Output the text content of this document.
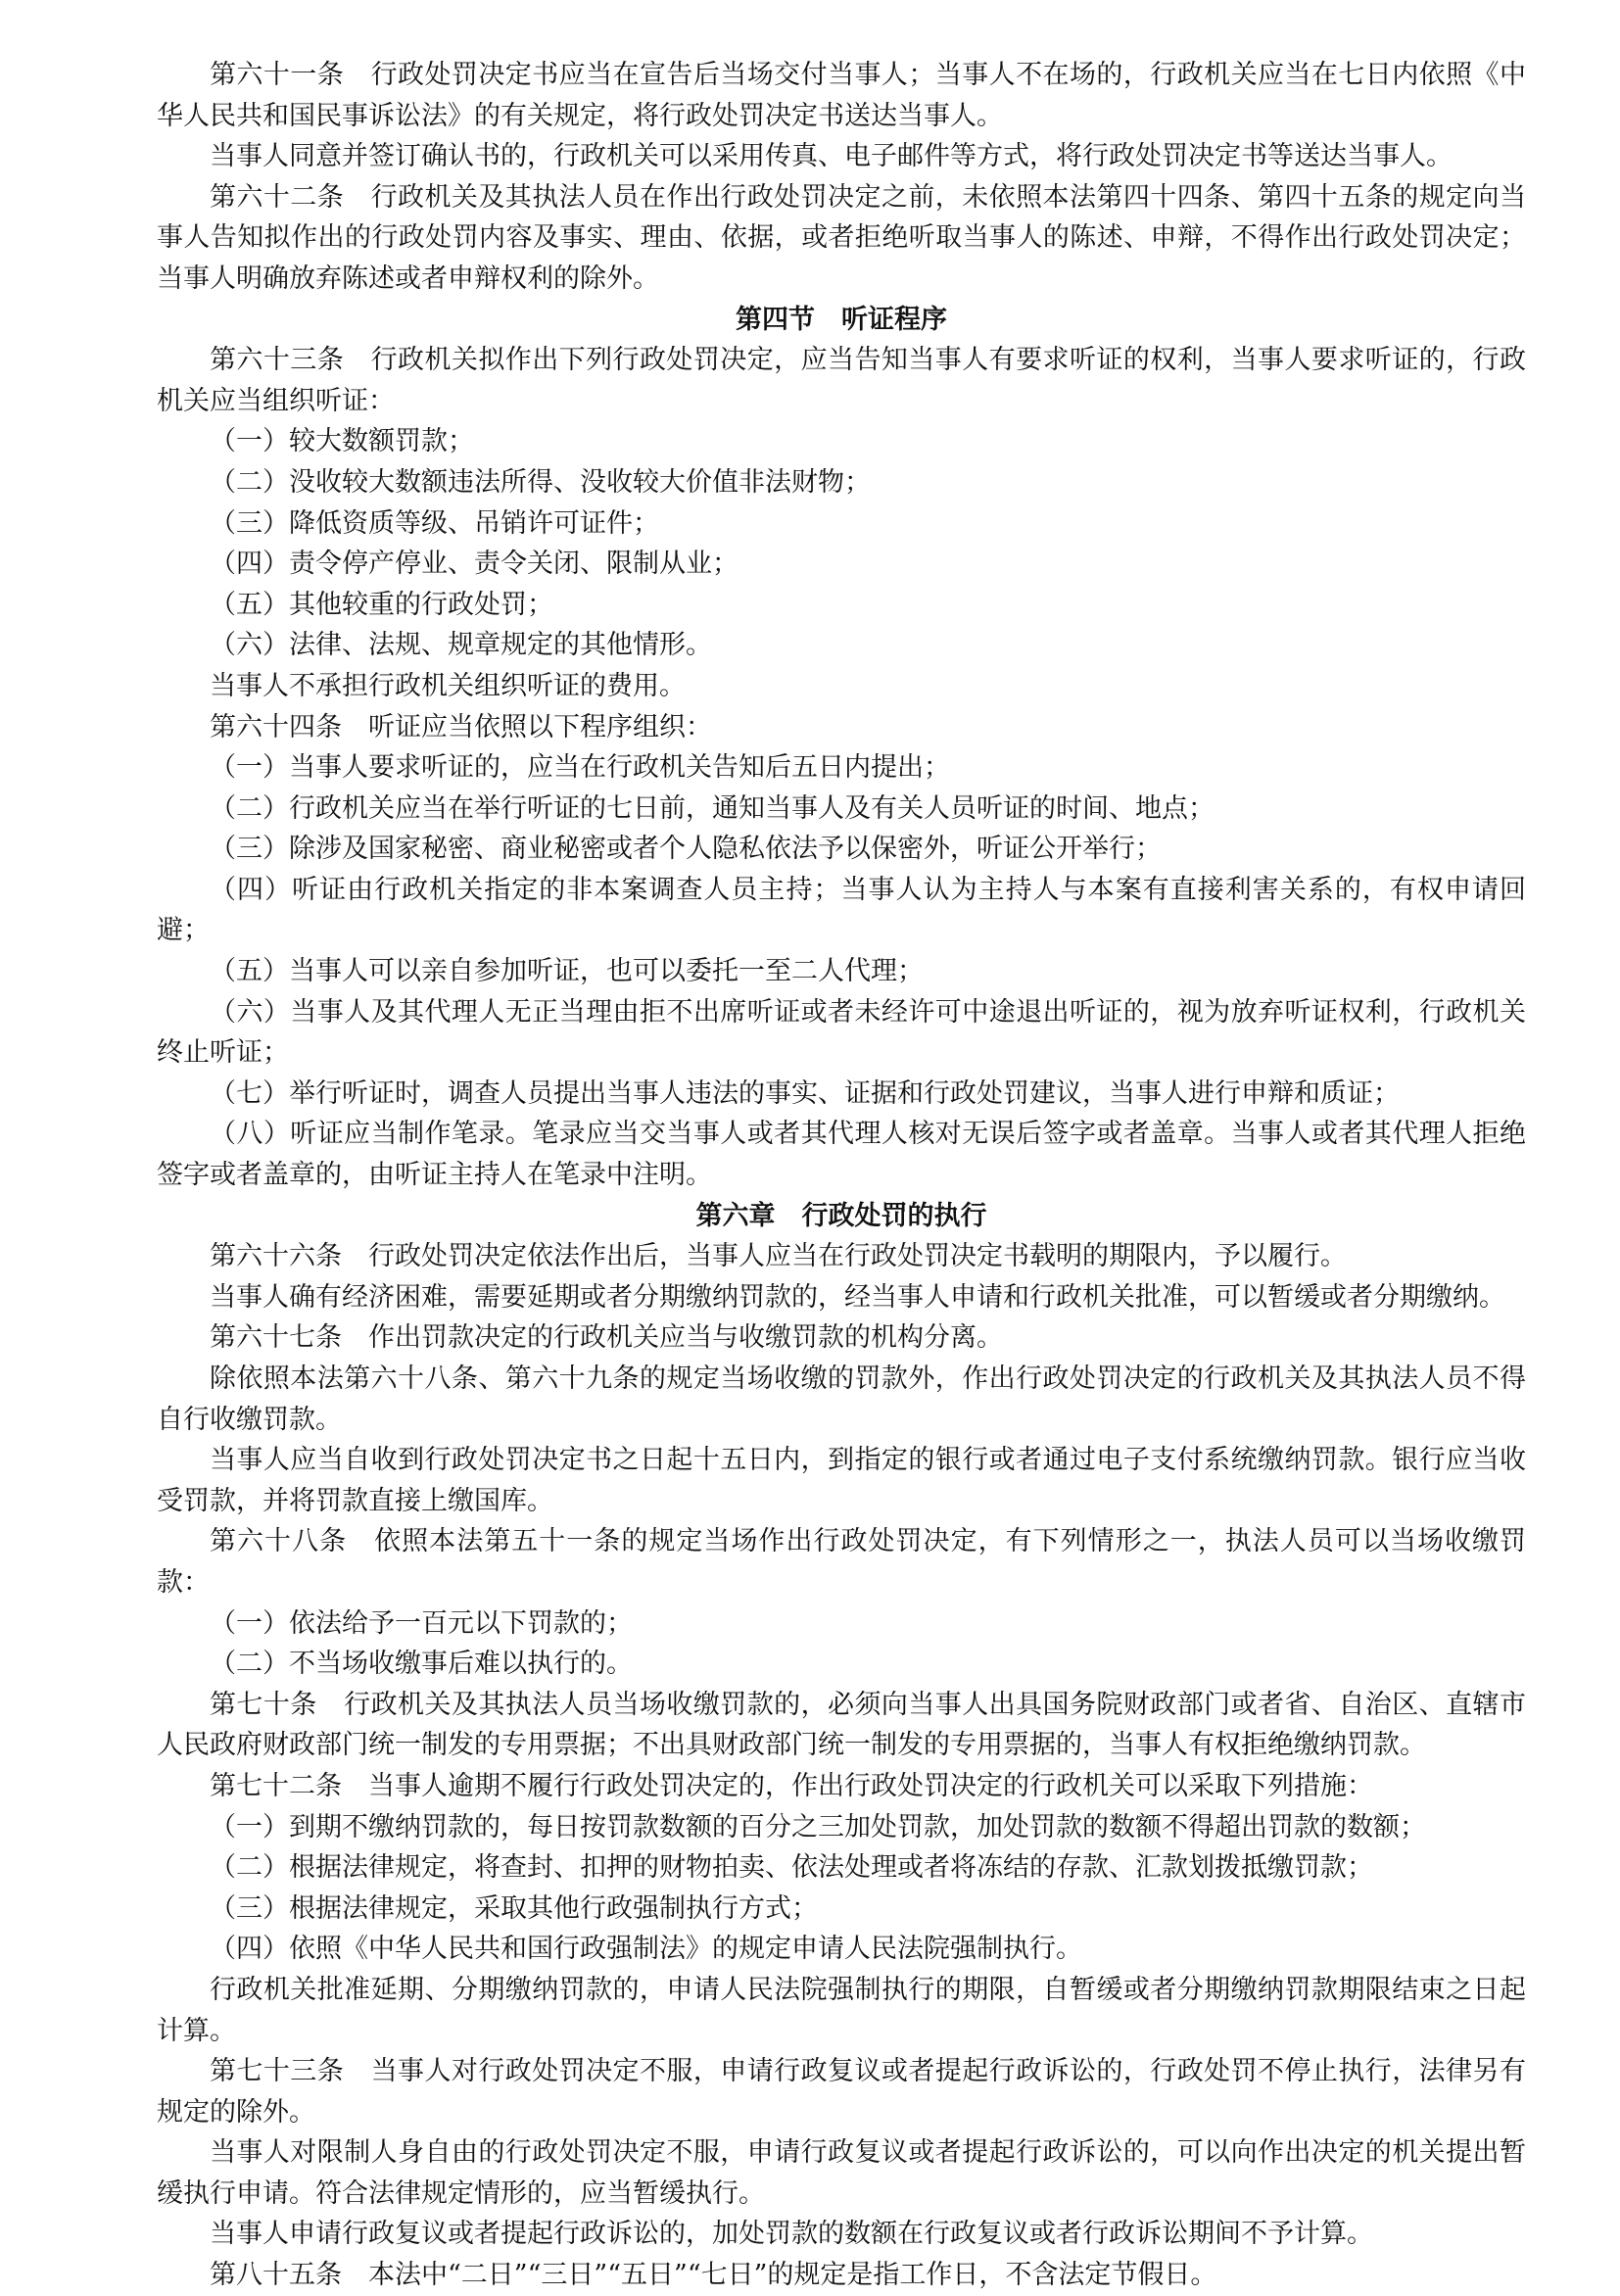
第六十一条　行政处罚决定书应当在宣告后当场交付当事人；当事人不在场的，行政机关应当在七日内依照《中华人民共和国民事诉讼法》的有关规定，将行政处罚决定书送达当事人。

当事人同意并签订确认书的，行政机关可以采用传真、电子邮件等方式，将行政处罚决定书等送达当事人。

第六十二条　行政机关及其执法人员在作出行政处罚决定之前，未依照本法第四十四条、第四十五条的规定向当事人告知拟作出的行政处罚内容及事实、理由、依据，或者拒绝听取当事人的陈述、申辩，不得作出行政处罚决定；当事人明确放弃陈述或者申辩权利的除外。

第四节　听证程序

第六十三条　行政机关拟作出下列行政处罚决定，应当告知当事人有要求听证的权利，当事人要求听证的，行政机关应当组织听证：

（一）较大数额罚款；

（二）没收较大数额违法所得、没收较大价值非法财物；

（三）降低资质等级、吊销许可证件；

（四）责令停产停业、责令关闭、限制从业；

（五）其他较重的行政处罚；

（六）法律、法规、规章规定的其他情形。

当事人不承担行政机关组织听证的费用。

第六十四条　听证应当依照以下程序组织：

（一）当事人要求听证的，应当在行政机关告知后五日内提出；

（二）行政机关应当在举行听证的七日前，通知当事人及有关人员听证的时间、地点；

（三）除涉及国家秘密、商业秘密或者个人隐私依法予以保密外，听证公开举行；

（四）听证由行政机关指定的非本案调查人员主持；当事人认为主持人与本案有直接利害关系的，有权申请回避；

（五）当事人可以亲自参加听证，也可以委托一至二人代理；

（六）当事人及其代理人无正当理由拒不出席听证或者未经许可中途退出听证的，视为放弃听证权利，行政机关终止听证；

（七）举行听证时，调查人员提出当事人违法的事实、证据和行政处罚建议，当事人进行申辩和质证；

（八）听证应当制作笔录。笔录应当交当事人或者其代理人核对无误后签字或者盖章。当事人或者其代理人拒绝签字或者盖章的，由听证主持人在笔录中注明。

第六章　行政处罚的执行

第六十六条　行政处罚决定依法作出后，当事人应当在行政处罚决定书载明的期限内，予以履行。

当事人确有经济困难，需要延期或者分期缴纳罚款的，经当事人申请和行政机关批准，可以暂缓或者分期缴纳。

第六十七条　作出罚款决定的行政机关应当与收缴罚款的机构分离。

除依照本法第六十八条、第六十九条的规定当场收缴的罚款外，作出行政处罚决定的行政机关及其执法人员不得自行收缴罚款。

当事人应当自收到行政处罚决定书之日起十五日内，到指定的银行或者通过电子支付系统缴纳罚款。银行应当收受罚款，并将罚款直接上缴国库。

第六十八条　依照本法第五十一条的规定当场作出行政处罚决定，有下列情形之一，执法人员可以当场收缴罚款：

（一）依法给予一百元以下罚款的；

（二）不当场收缴事后难以执行的。

第七十条　行政机关及其执法人员当场收缴罚款的，必须向当事人出具国务院财政部门或者省、自治区、直辖市人民政府财政部门统一制发的专用票据；不出具财政部门统一制发的专用票据的，当事人有权拒绝缴纳罚款。

第七十二条　当事人逾期不履行行政处罚决定的，作出行政处罚决定的行政机关可以采取下列措施：

（一）到期不缴纳罚款的，每日按罚款数额的百分之三加处罚款，加处罚款的数额不得超出罚款的数额；

（二）根据法律规定，将查封、扣押的财物拍卖、依法处理或者将冻结的存款、汇款划拨抵缴罚款；

（三）根据法律规定，采取其他行政强制执行方式；

（四）依照《中华人民共和国行政强制法》的规定申请人民法院强制执行。

行政机关批准延期、分期缴纳罚款的，申请人民法院强制执行的期限，自暂缓或者分期缴纳罚款期限结束之日起计算。

第七十三条　当事人对行政处罚决定不服，申请行政复议或者提起行政诉讼的，行政处罚不停止执行，法律另有规定的除外。

当事人对限制人身自由的行政处罚决定不服，申请行政复议或者提起行政诉讼的，可以向作出决定的机关提出暂缓执行申请。符合法律规定情形的，应当暂缓执行。

当事人申请行政复议或者提起行政诉讼的，加处罚款的数额在行政复议或者行政诉讼期间不予计算。

第八十五条　本法中“二日”“三日”“五日”“七日”的规定是指工作日，不含法定节假日。
